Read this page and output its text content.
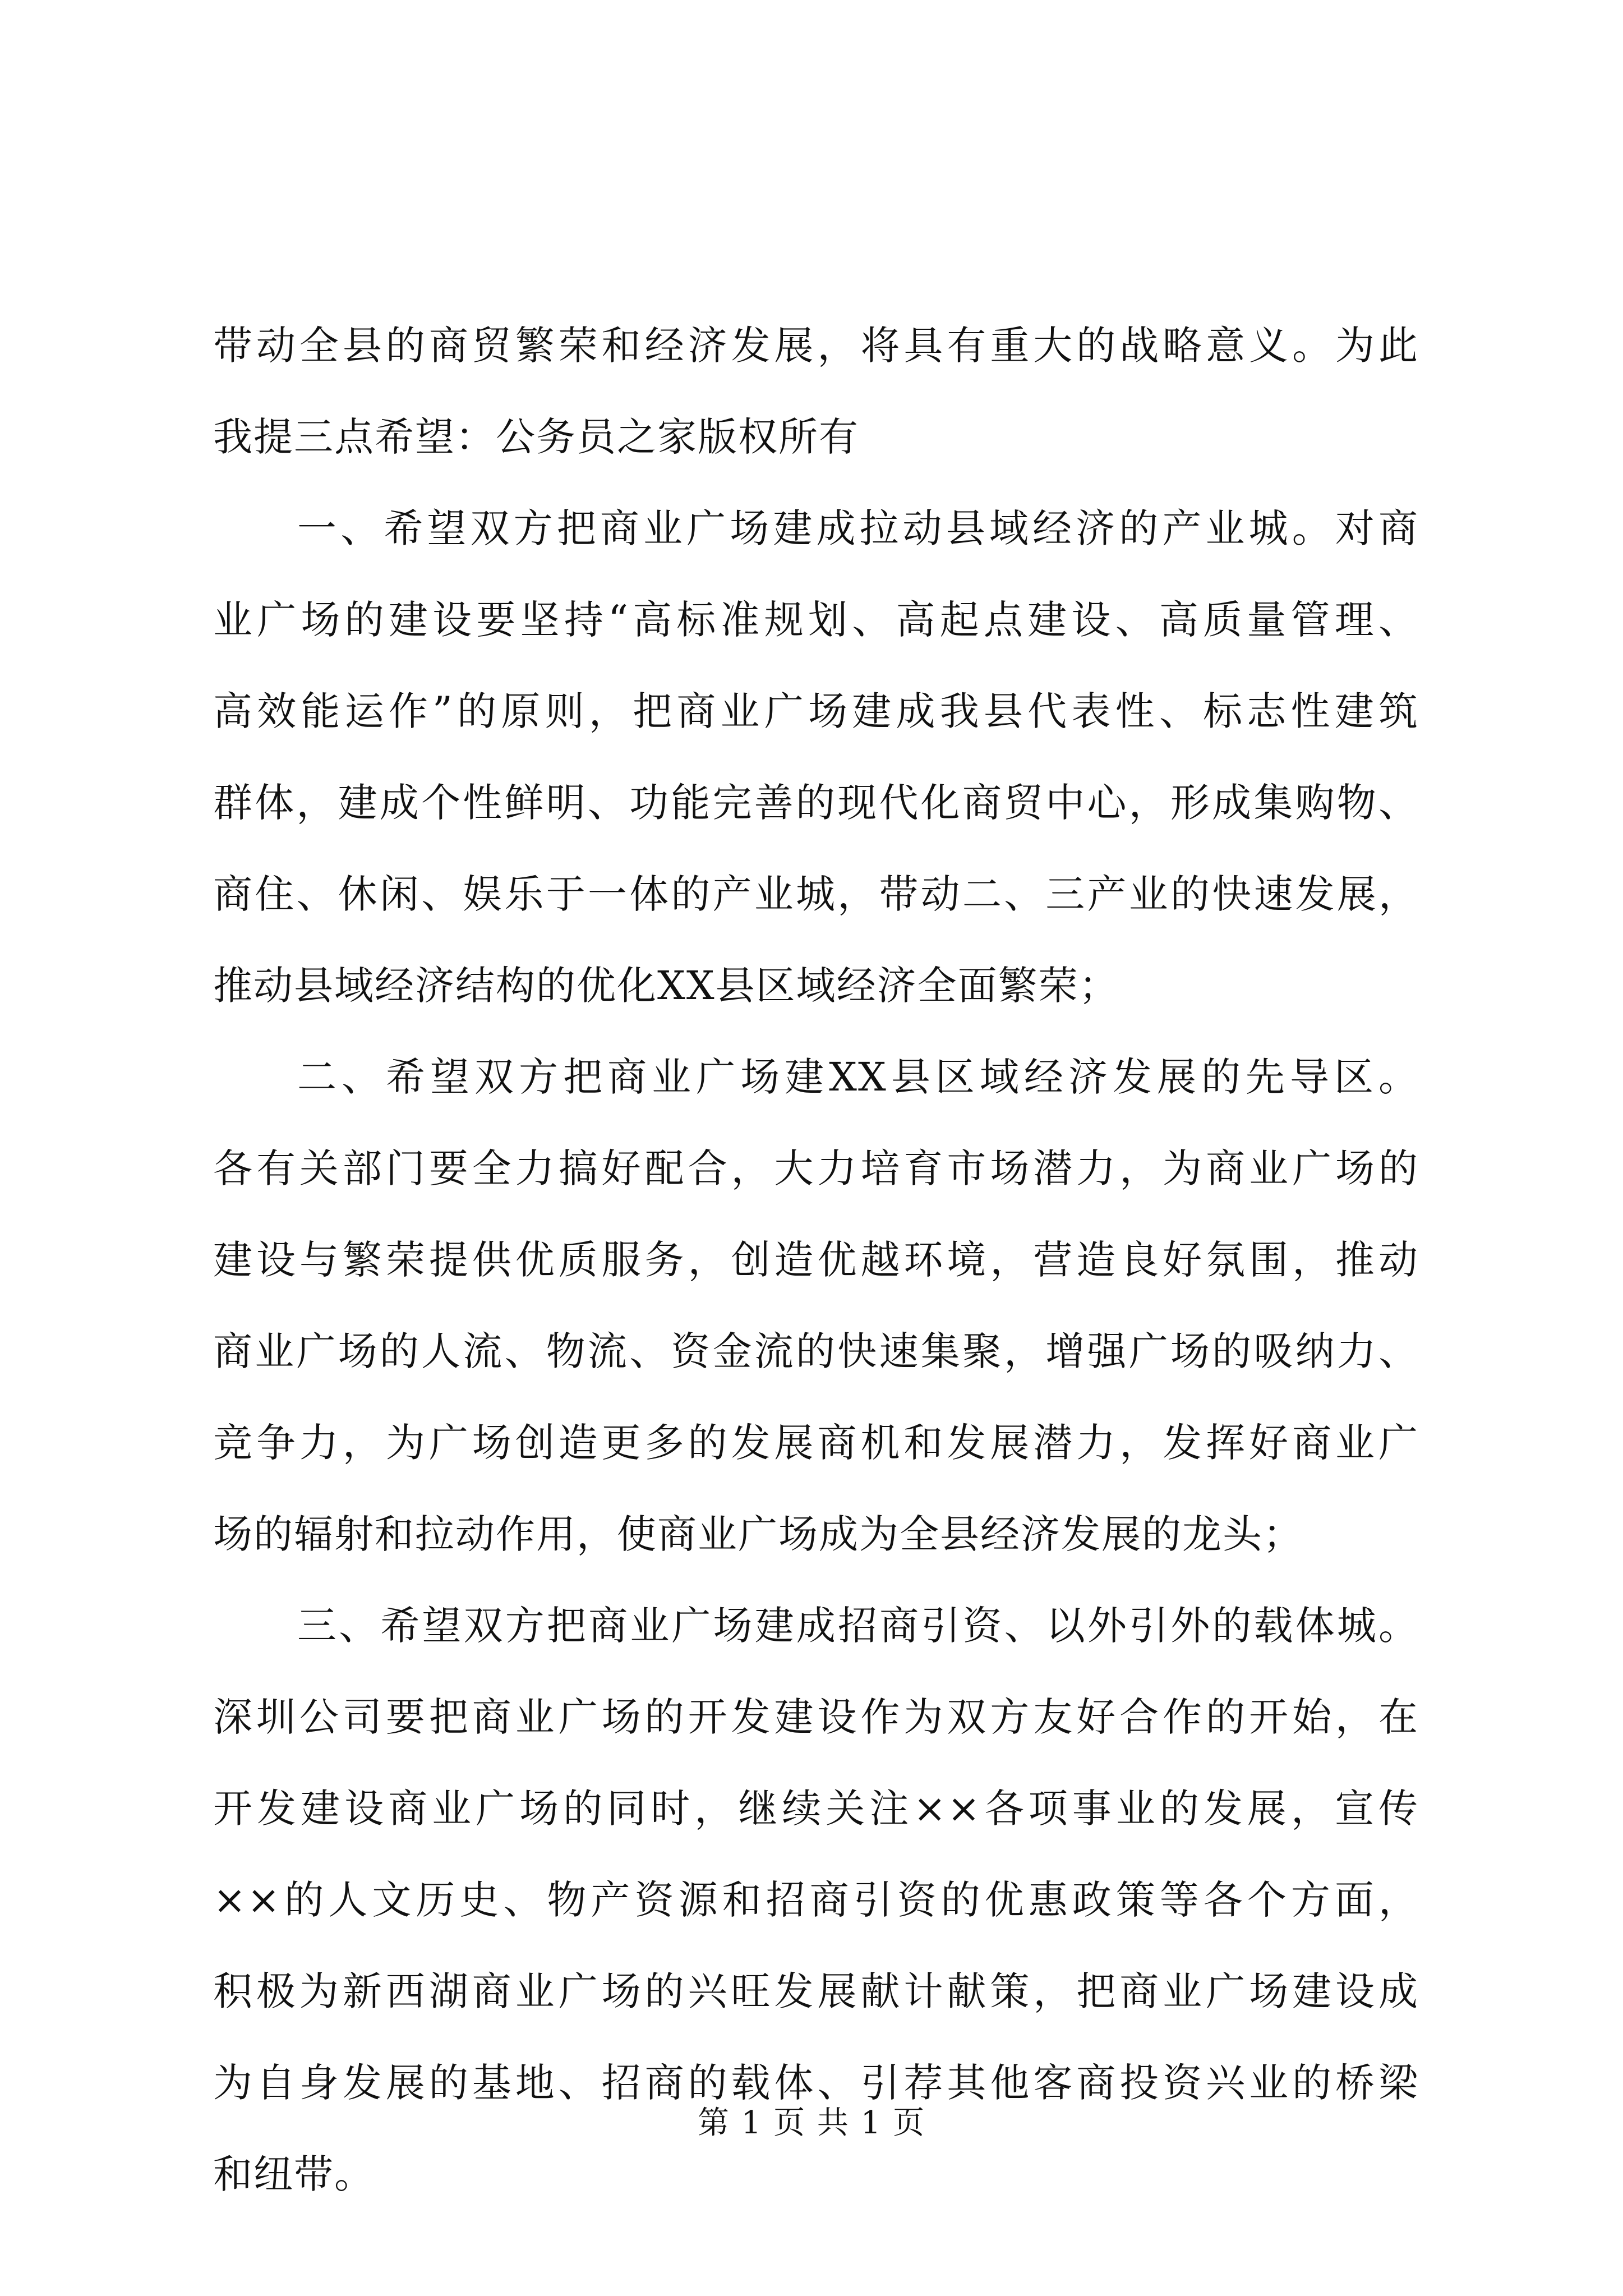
带动全县的商贸繁荣和经济发展，将具有重大的战略意义。为此
我提三点希望：公务员之家版权所有
一、希望双方把商业广场建成拉动县域经济的产业城。对商
业广场的建设要坚持“高标准规划、高起点建设、高质量管理、
高效能运作”的原则，把商业广场建成我县代表性、标志性建筑
群体，建成个性鲜明、功能完善的现代化商贸中心，形成集购物、
商住、休闲、娱乐于一体的产业城，带动二、三产业的快速发展，
推动县域经济结构的优化XX县区域经济全面繁荣；
二、希望双方把商业广场建XX县区域经济发展的先导区。
各有关部门要全力搞好配合，大力培育市场潜力，为商业广场的
建设与繁荣提供优质服务，创造优越环境，营造良好氛围，推动
商业广场的人流、物流、资金流的快速集聚，增强广场的吸纳力、
竞争力，为广场创造更多的发展商机和发展潜力，发挥好商业广
场的辐射和拉动作用，使商业广场成为全县经济发展的龙头；
三、希望双方把商业广场建成招商引资、以外引外的载体城。
深圳公司要把商业广场的开发建设作为双方友好合作的开始，在
开发建设商业广场的同时，继续关注××各项事业的发展，宣传
××的人文历史、物产资源和招商引资的优惠政策等各个方面，
积极为新西湖商业广场的兴旺发展献计献策，把商业广场建设成
为自身发展的基地、招商的载体、引荐其他客商投资兴业的桥梁
和纽带。
第 1 页 共 1 页
